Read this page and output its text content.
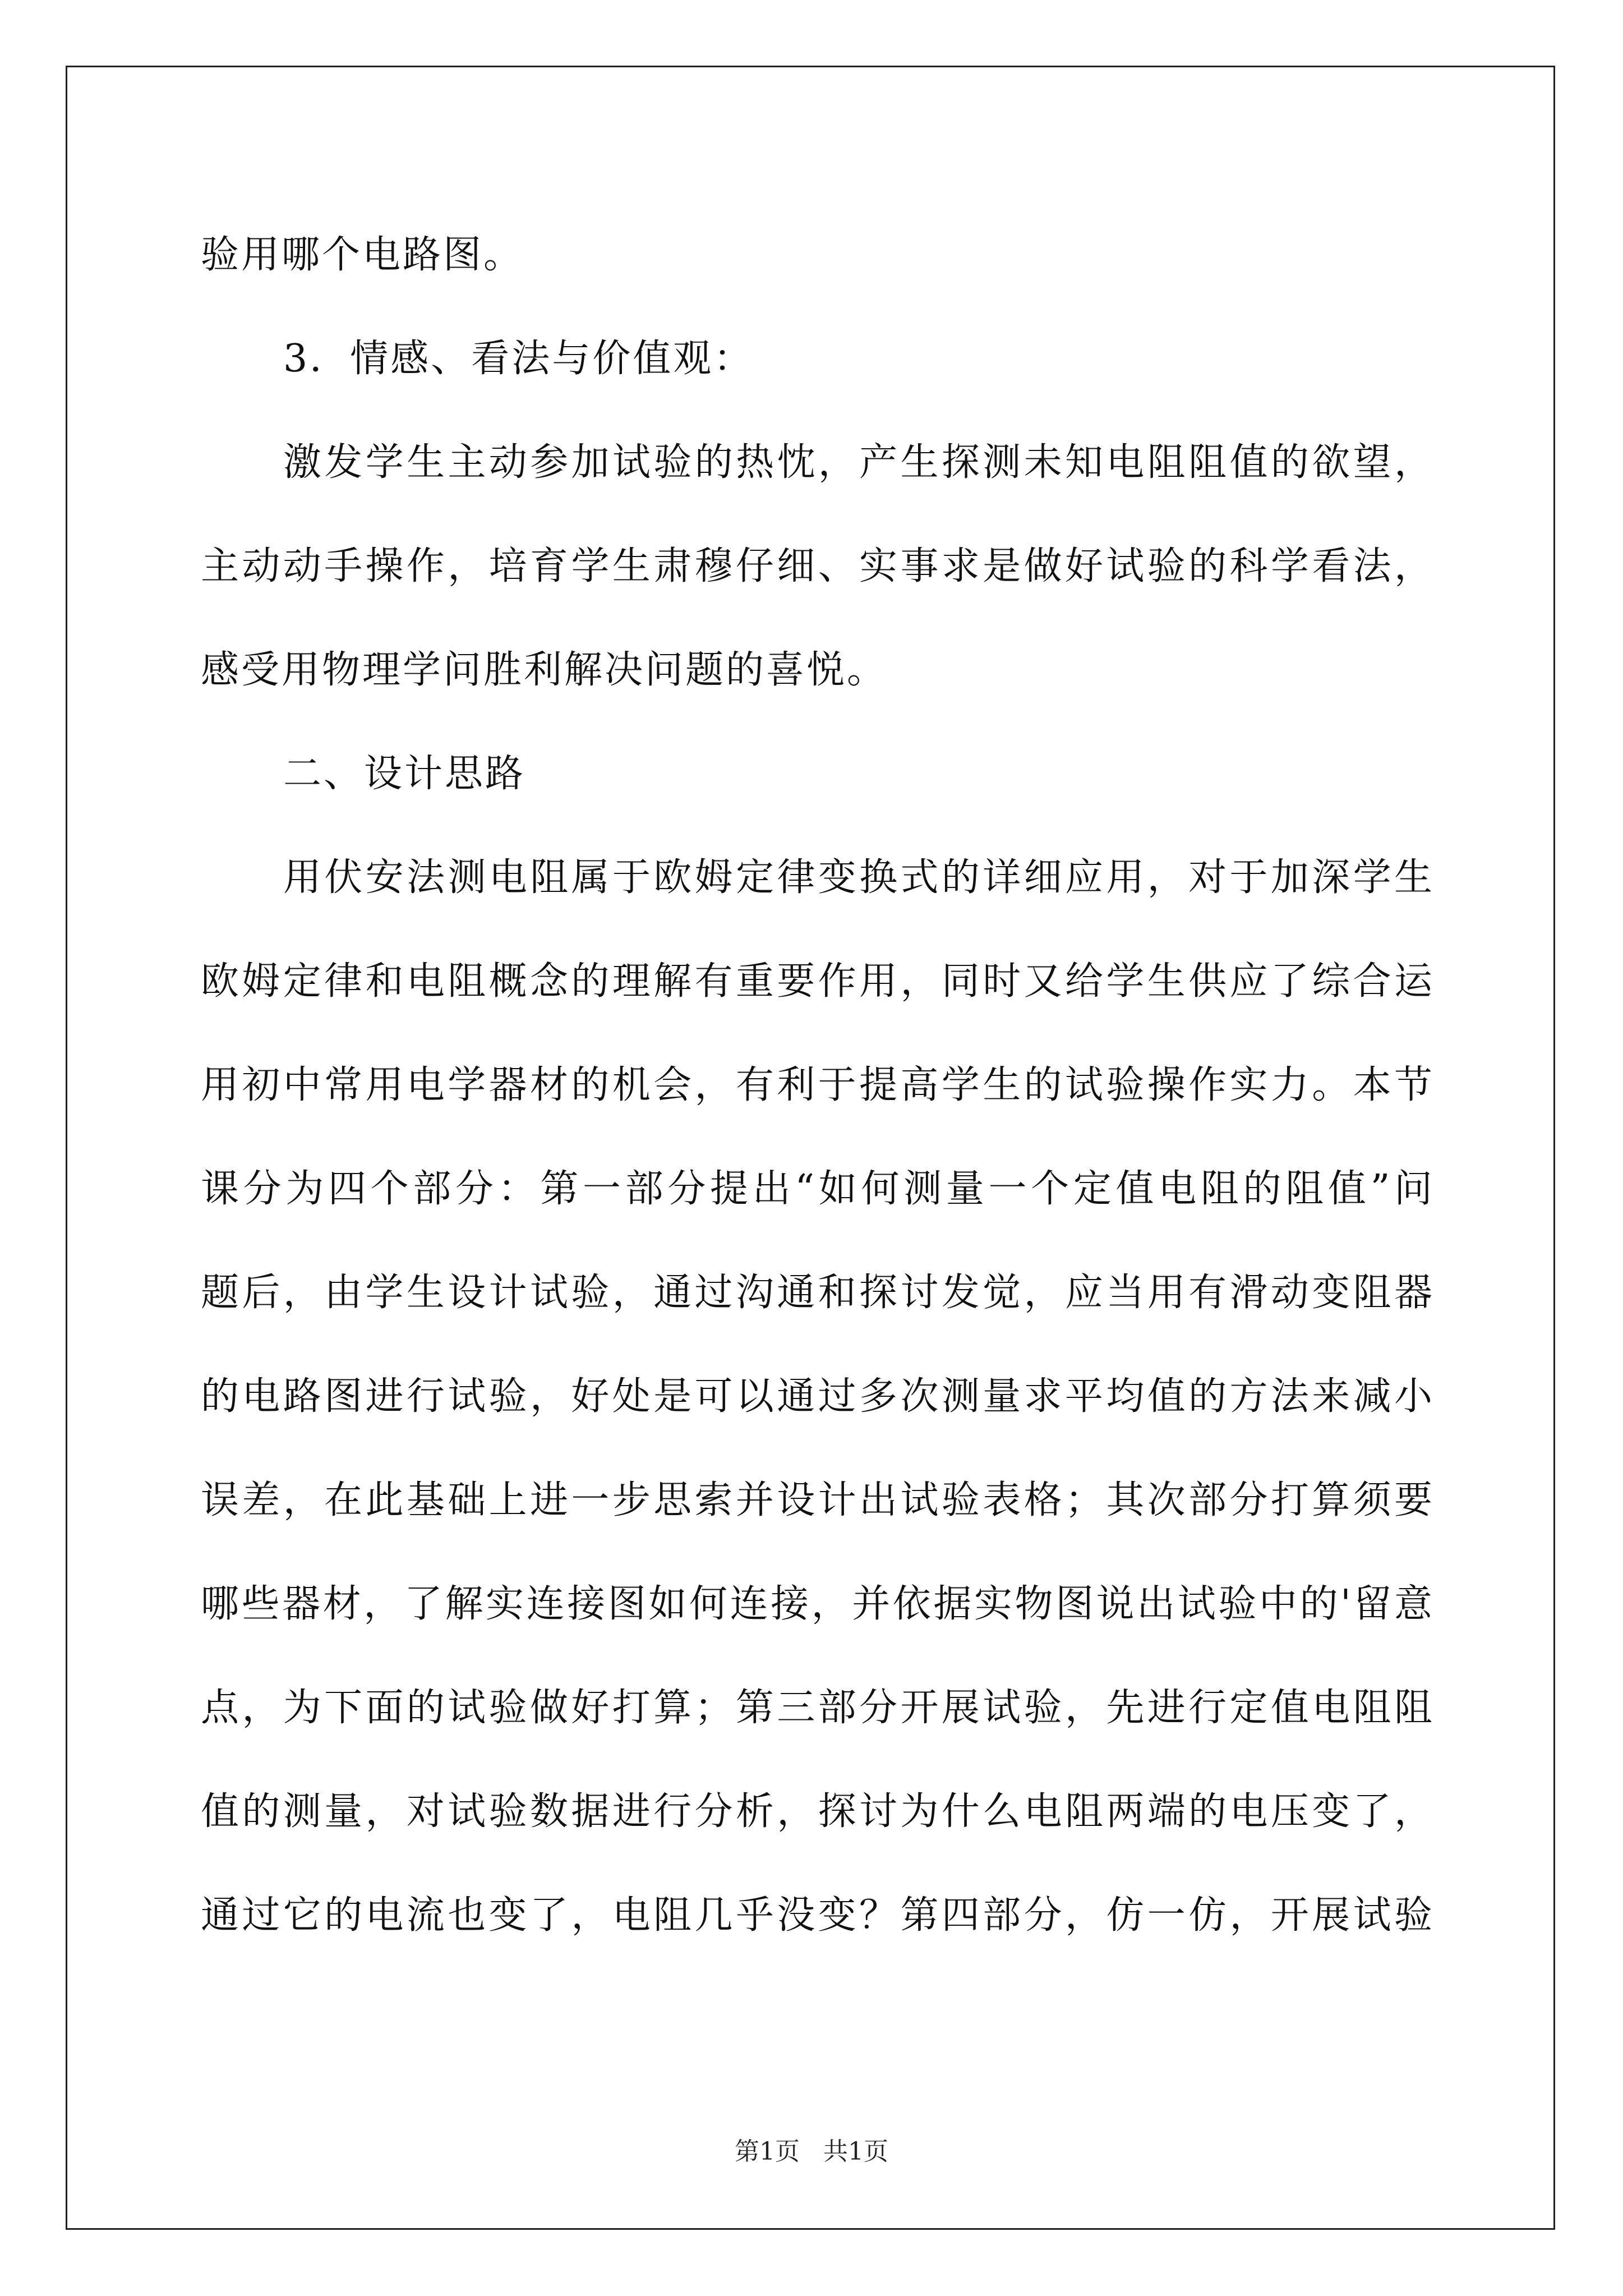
验用哪个电路图。
3．情感、看法与价值观：
激发学生主动参加试验的热忱，产生探测未知电阻阻值的欲望，
主动动手操作，培育学生肃穆仔细、实事求是做好试验的科学看法，
感受用物理学问胜利解决问题的喜悦。
二、设计思路
用伏安法测电阻属于欧姆定律变换式的详细应用，对于加深学生
欧姆定律和电阻概念的理解有重要作用，同时又给学生供应了综合运
用初中常用电学器材的机会，有利于提高学生的试验操作实力。本节
课分为四个部分：第一部分提出“如何测量一个定值电阻的阻值”问
题后，由学生设计试验，通过沟通和探讨发觉，应当用有滑动变阻器
的电路图进行试验，好处是可以通过多次测量求平均值的方法来减小
误差，在此基础上进一步思索并设计出试验表格；其次部分打算须要
哪些器材，了解实连接图如何连接，并依据实物图说出试验中的'留意
点，为下面的试验做好打算；第三部分开展试验，先进行定值电阻阻
值的测量，对试验数据进行分析，探讨为什么电阻两端的电压变了，
通过它的电流也变了，电阻几乎没变？第四部分，仿一仿，开展试验
第1页   共1页
